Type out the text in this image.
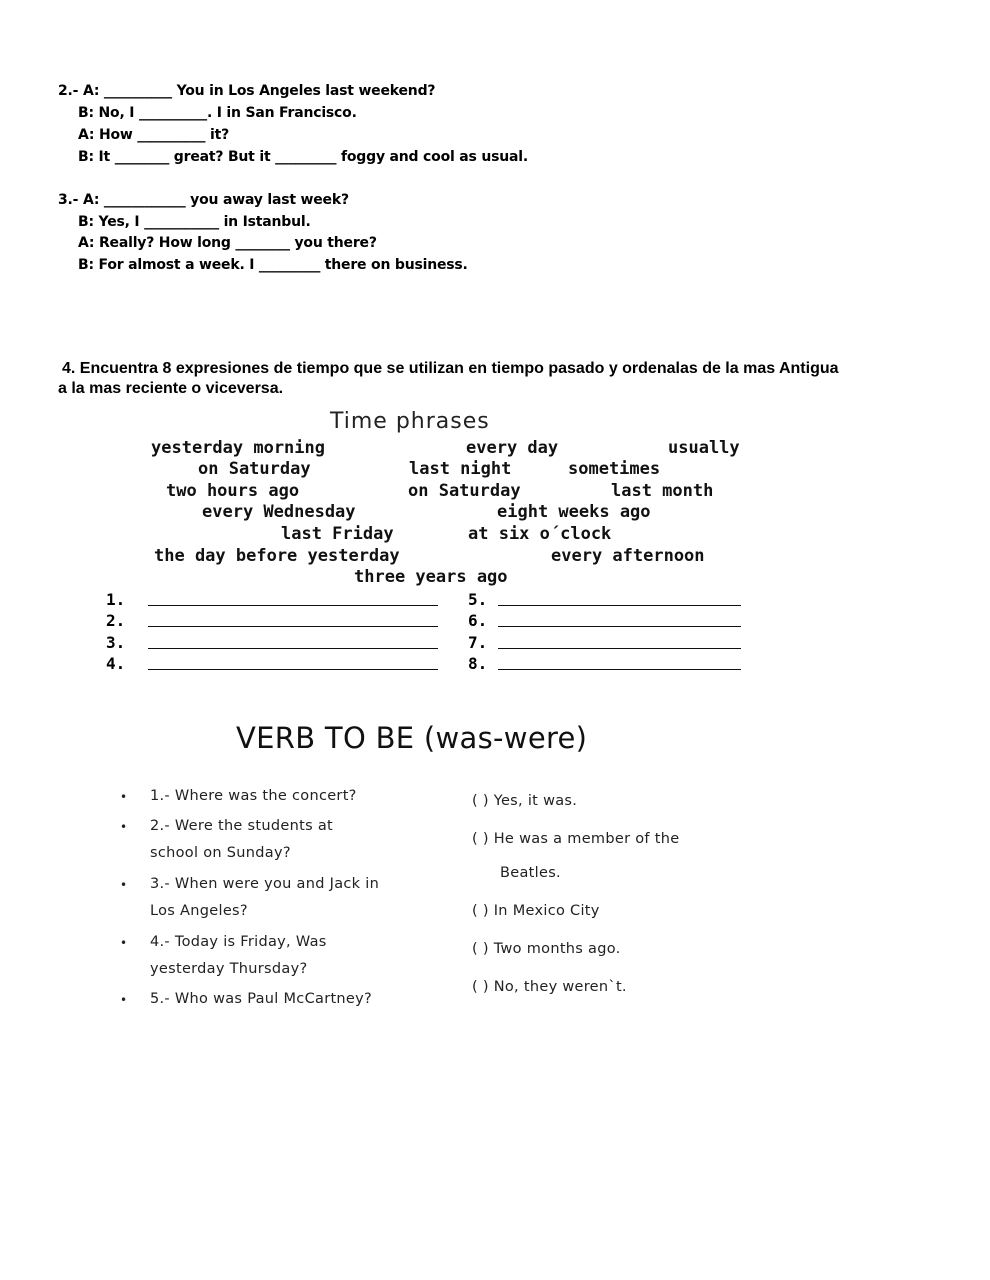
2.- A: __________ You in Los Angeles last weekend?
B: No, I __________. I in San Francisco.
A: How __________ it?
B: It ________ great? But it _________ foggy and cool as usual.
3.- A: ____________ you away last week?
B: Yes, I ___________ in Istanbul.
A: Really? How long ________ you there?
B: For almost a week. I _________ there on business.
4. Encuentra 8 expresiones de tiempo que se utilizan en tiempo pasado y ordenalas de la mas Antigua
a la mas reciente o viceversa.
Time phrases
yesterday morning	every day	usually
on Saturday	last night	sometimes
two hours ago	on Saturday	last month
every Wednesday	eight weeks ago
last Friday	at six o´clock
the day before yesterday	every afternoon
three years ago
1.
2.
3.
4.
5.
6.
7.
8.
VERB TO BE (was-were)
•
•
•
•
•
1.- Where was the concert?
2.- Were the students at
school on Sunday?
3.- When were you and Jack in
Los Angeles?
4.- Today is Friday, Was
yesterday Thursday?
5.- Who was Paul McCartney?
( ) Yes, it was.
( ) He was a member of the
Beatles.
( ) In Mexico City
( ) Two months ago.
( ) No, they weren`t.
